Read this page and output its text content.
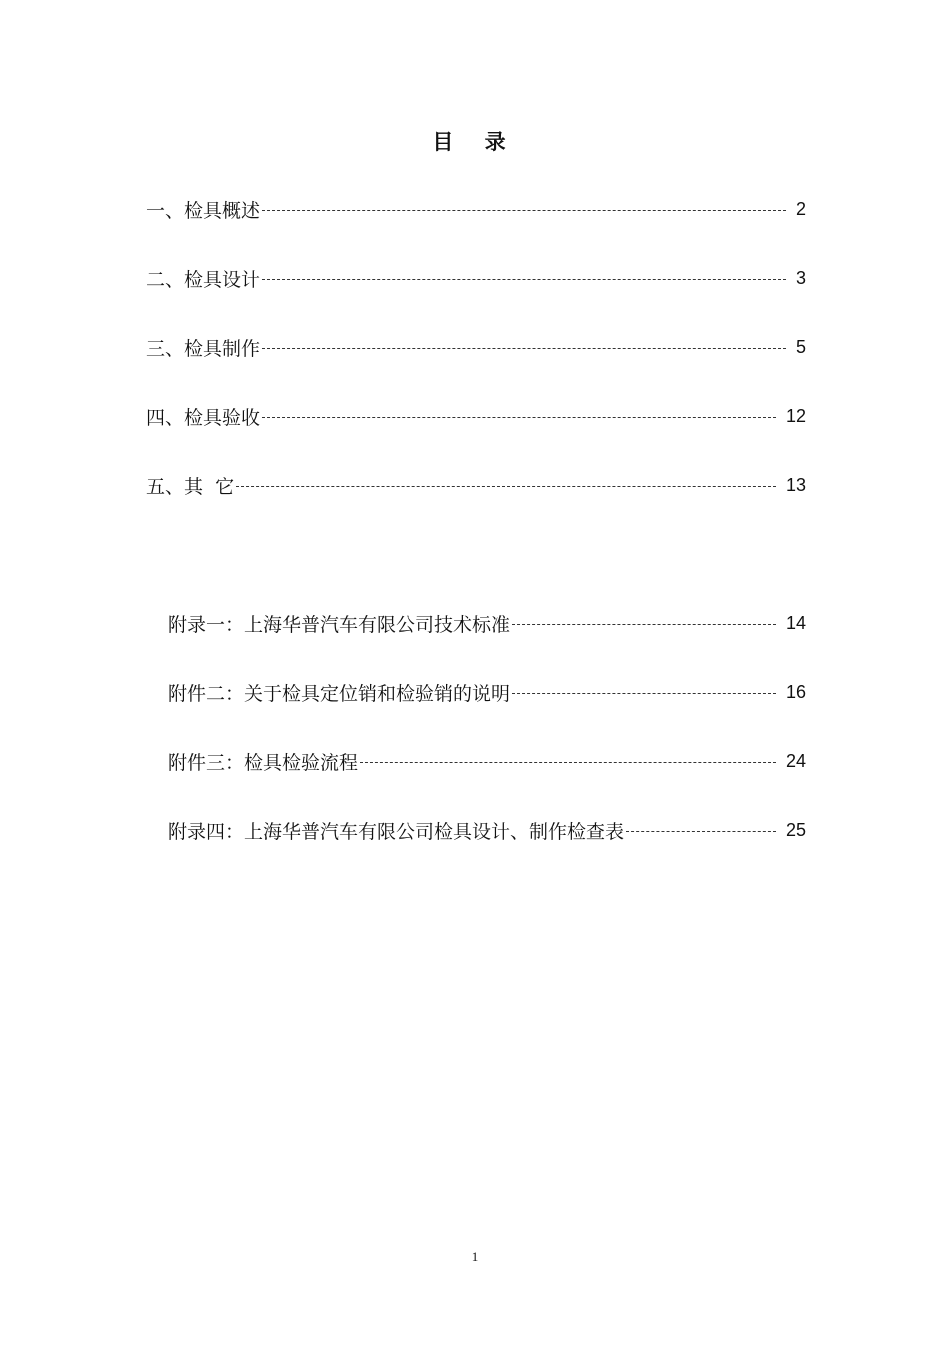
目 录
一、检具概述	2
二、检具设计	3
三、检具制作	5
四、检具验收	12
五、其  它	13
附录一：上海华普汽车有限公司技术标准	14
附件二：关于检具定位销和检验销的说明	16
附件三：检具检验流程	24
附录四：上海华普汽车有限公司检具设计、制作检查表	25
1
